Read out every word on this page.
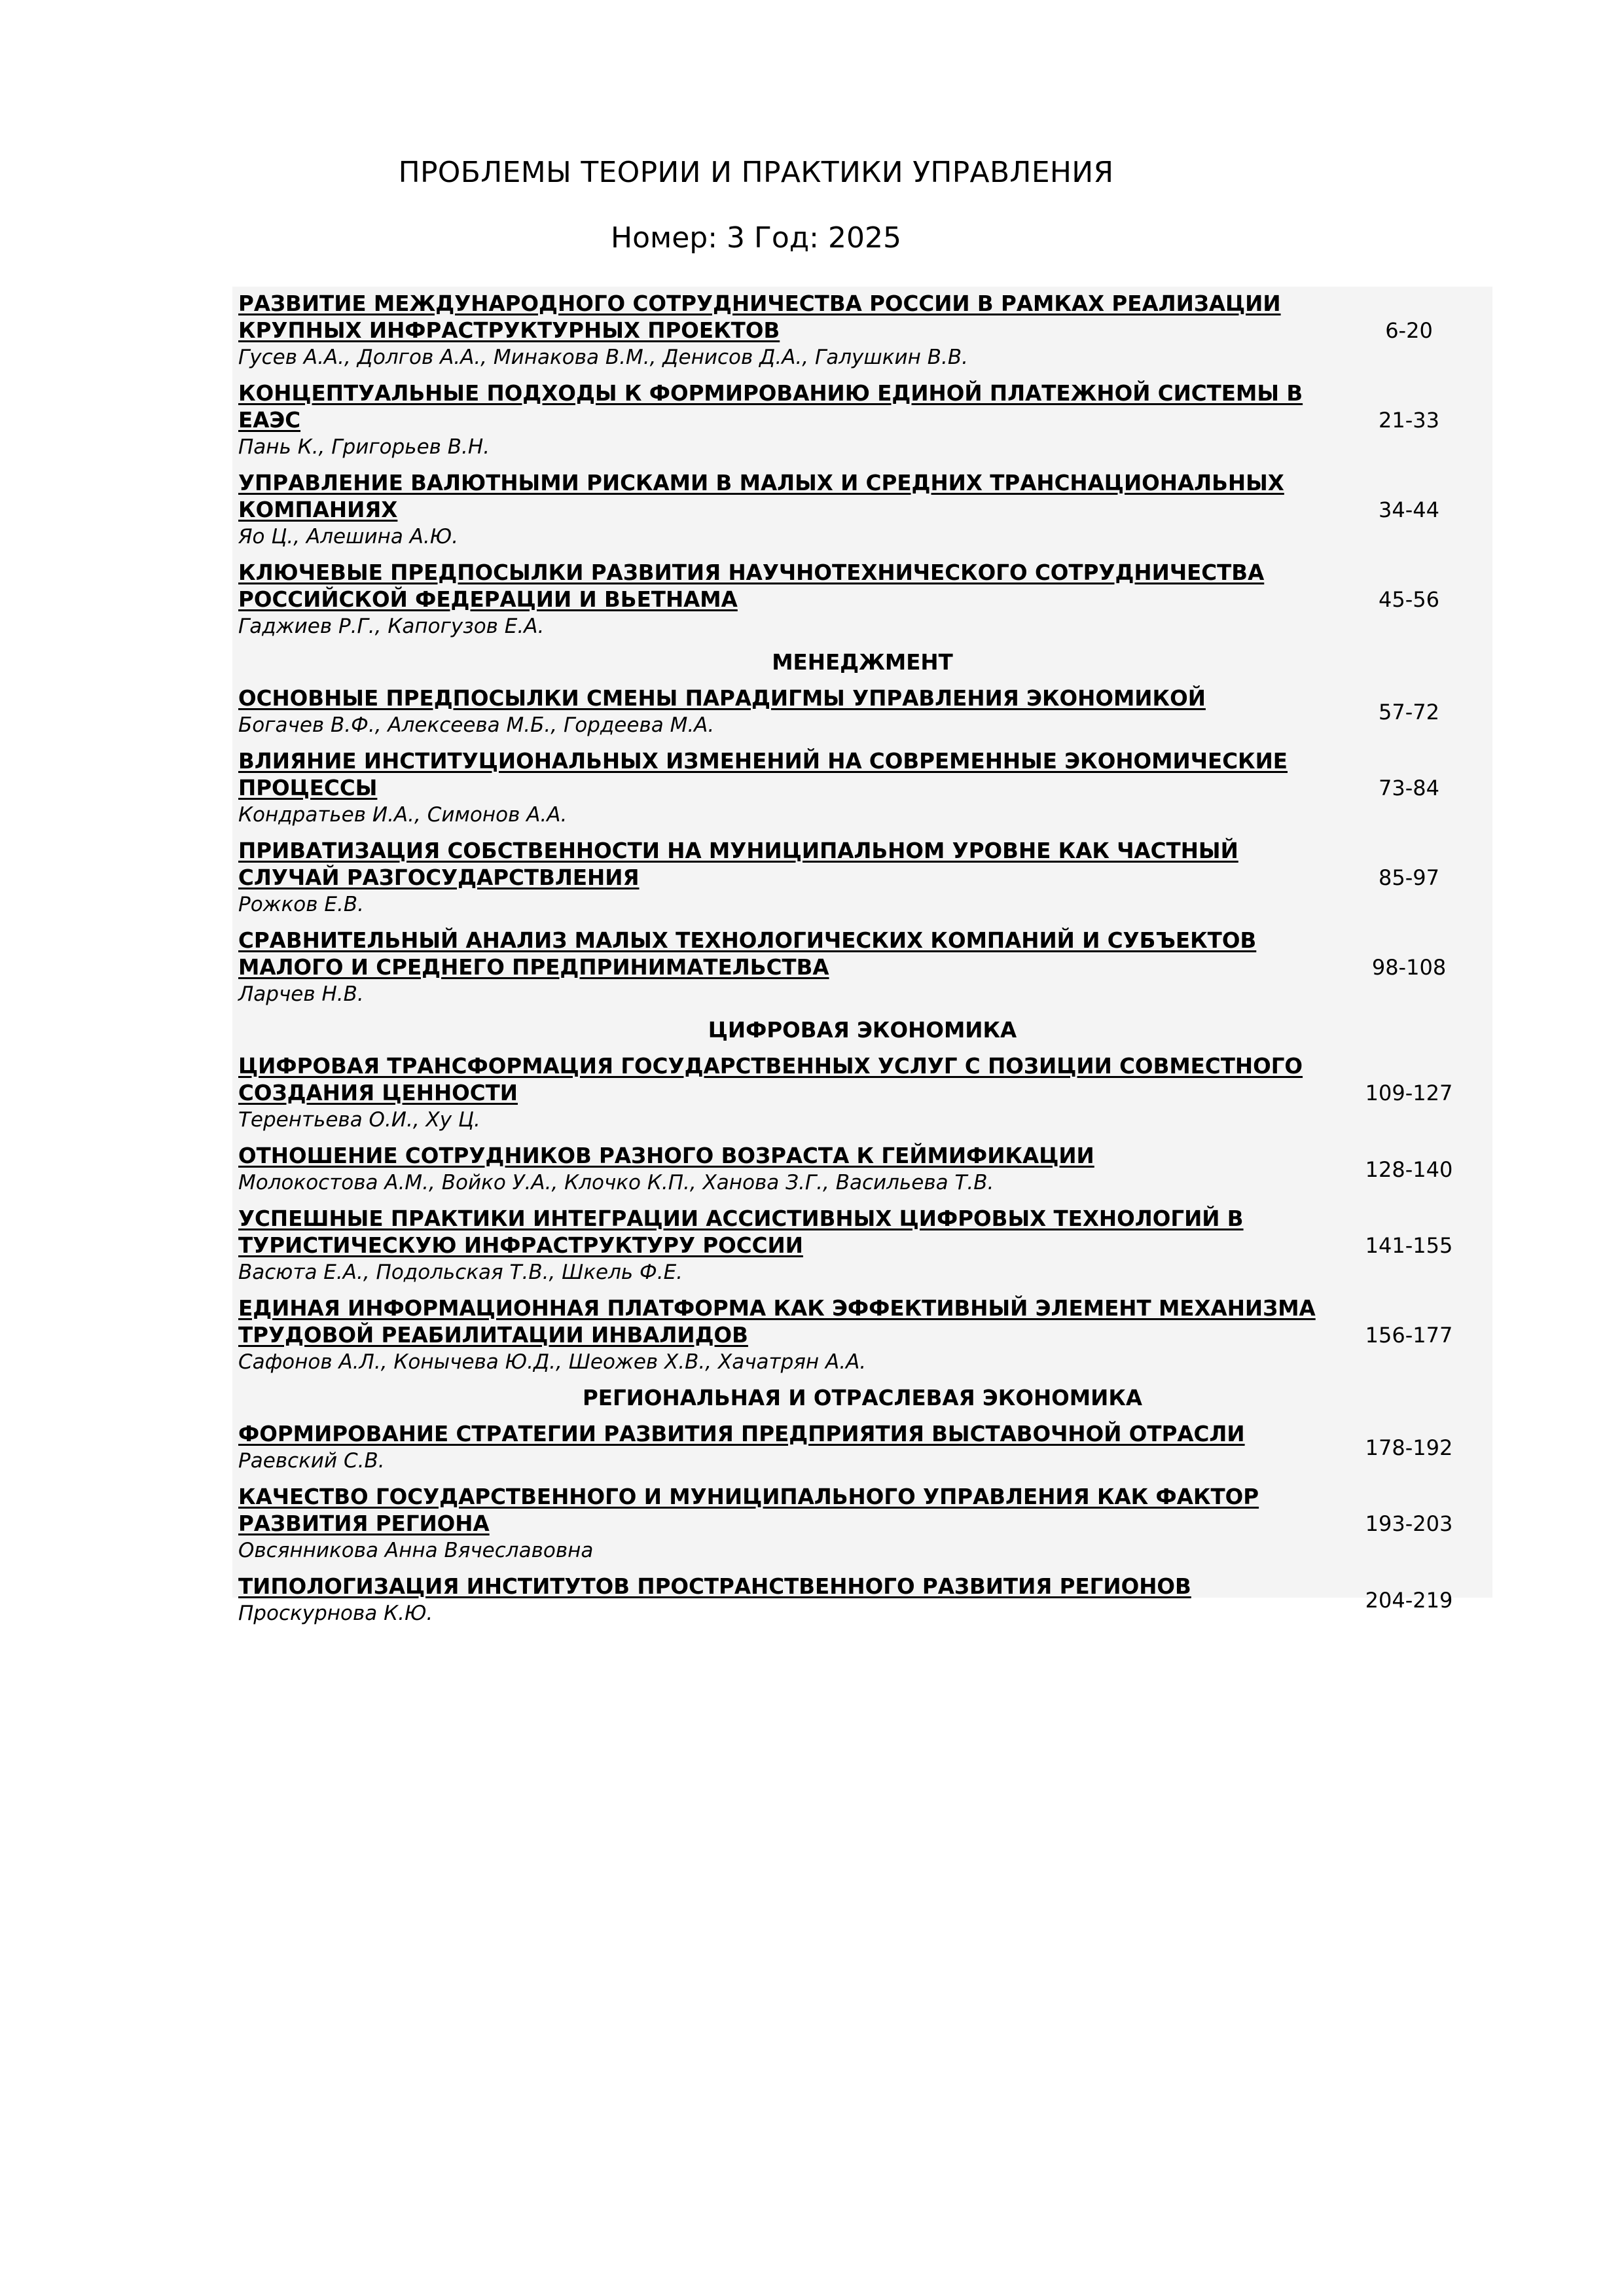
ПРОБЛЕМЫ ТЕОРИИ И ПРАКТИКИ УПРАВЛЕНИЯ
Номер: 3 Год: 2025
РАЗВИТИЕ МЕЖДУНАРОДНОГО СОТРУДНИЧЕСТВА РОССИИ В РАМКАХ РЕАЛИЗАЦИИ КРУПНЫХ ИНФРАСТРУКТУРНЫХ ПРОЕКТОВ
Гусев А.А., Долгов А.А., Минакова В.М., Денисов Д.А., Галушкин В.В.
6-20
КОНЦЕПТУАЛЬНЫЕ ПОДХОДЫ К ФОРМИРОВАНИЮ ЕДИНОЙ ПЛАТЕЖНОЙ СИСТЕМЫ В ЕАЭС
Пань К., Григорьев В.Н.
21-33
УПРАВЛЕНИЕ ВАЛЮТНЫМИ РИСКАМИ В МАЛЫХ И СРЕДНИХ ТРАНСНАЦИОНАЛЬНЫХ КОМПАНИЯХ
Яо Ц., Алешина А.Ю.
34-44
КЛЮЧЕВЫЕ ПРЕДПОСЫЛКИ РАЗВИТИЯ НАУЧНОТЕХНИЧЕСКОГО СОТРУДНИЧЕСТВА РОССИЙСКОЙ ФЕДЕРАЦИИ И ВЬЕТНАМА
Гаджиев Р.Г., Капогузов Е.А.
45-56
МЕНЕДЖМЕНТ
ОСНОВНЫЕ ПРЕДПОСЫЛКИ СМЕНЫ ПАРАДИГМЫ УПРАВЛЕНИЯ ЭКОНОМИКОЙ
Богачев В.Ф., Алексеева М.Б., Гордеева М.А.
57-72
ВЛИЯНИЕ ИНСТИТУЦИОНАЛЬНЫХ ИЗМЕНЕНИЙ НА СОВРЕМЕННЫЕ ЭКОНОМИЧЕСКИЕ ПРОЦЕССЫ
Кондратьев И.А., Симонов А.А.
73-84
ПРИВАТИЗАЦИЯ СОБСТВЕННОСТИ НА МУНИЦИПАЛЬНОМ УРОВНЕ КАК ЧАСТНЫЙ СЛУЧАЙ РАЗГОСУДАРСТВЛЕНИЯ
Рожков Е.В.
85-97
СРАВНИТЕЛЬНЫЙ АНАЛИЗ МАЛЫХ ТЕХНОЛОГИЧЕСКИХ КОМПАНИЙ И СУБЪЕКТОВ МАЛОГО И СРЕДНЕГО ПРЕДПРИНИМАТЕЛЬСТВА
Ларчев Н.В.
98-108
ЦИФРОВАЯ ЭКОНОМИКА
ЦИФРОВАЯ ТРАНСФОРМАЦИЯ ГОСУДАРСТВЕННЫХ УСЛУГ С ПОЗИЦИИ СОВМЕСТНОГО СОЗДАНИЯ ЦЕННОСТИ
Терентьева О.И., Ху Ц.
109-127
ОТНОШЕНИЕ СОТРУДНИКОВ РАЗНОГО ВОЗРАСТА К ГЕЙМИФИКАЦИИ
Молокостова А.М., Войко У.А., Клочко К.П., Ханова З.Г., Васильева Т.В.
128-140
УСПЕШНЫЕ ПРАКТИКИ ИНТЕГРАЦИИ АССИСТИВНЫХ ЦИФРОВЫХ ТЕХНОЛОГИЙ В ТУРИСТИЧЕСКУЮ ИНФРАСТРУКТУРУ РОССИИ
Васюта Е.А., Подольская Т.В., Шкель Ф.Е.
141-155
ЕДИНАЯ ИНФОРМАЦИОННАЯ ПЛАТФОРМА КАК ЭФФЕКТИВНЫЙ ЭЛЕМЕНТ МЕХАНИЗМА ТРУДОВОЙ РЕАБИЛИТАЦИИ ИНВАЛИДОВ
Сафонов А.Л., Конычева Ю.Д., Шеожев Х.В., Хачатрян А.А.
156-177
РЕГИОНАЛЬНАЯ И ОТРАСЛЕВАЯ ЭКОНОМИКА
ФОРМИРОВАНИЕ СТРАТЕГИИ РАЗВИТИЯ ПРЕДПРИЯТИЯ ВЫСТАВОЧНОЙ ОТРАСЛИ
Раевский С.В.
178-192
КАЧЕСТВО ГОСУДАРСТВЕННОГО И МУНИЦИПАЛЬНОГО УПРАВЛЕНИЯ КАК ФАКТОР РАЗВИТИЯ РЕГИОНА
Овсянникова Анна Вячеславовна
193-203
ТИПОЛОГИЗАЦИЯ ИНСТИТУТОВ ПРОСТРАНСТВЕННОГО РАЗВИТИЯ РЕГИОНОВ
Проскурнова К.Ю.
204-219
